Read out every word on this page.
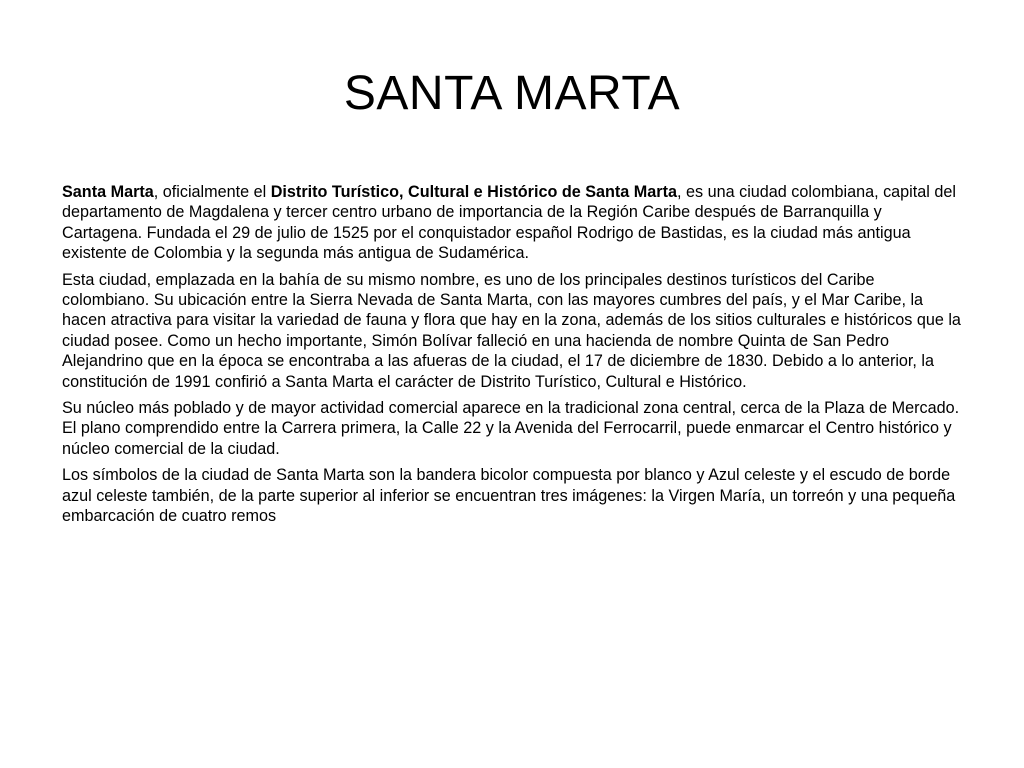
SANTA MARTA

Santa Marta, oficialmente el Distrito Turístico, Cultural e Histórico de Santa Marta, es una ciudad colombiana, capital del departamento de Magdalena y tercer centro urbano de importancia de la Región Caribe después de Barranquilla y Cartagena. Fundada el 29 de julio de 1525 por el conquistador español Rodrigo de Bastidas, es la ciudad más antigua existente de Colombia y la segunda más antigua de Sudamérica.

Esta ciudad, emplazada en la bahía de su mismo nombre, es uno de los principales destinos turísticos del Caribe colombiano. Su ubicación entre la Sierra Nevada de Santa Marta, con las mayores cumbres del país, y el Mar Caribe, la hacen atractiva para visitar la variedad de fauna y flora que hay en la zona, además de los sitios culturales e históricos que la ciudad posee. Como un hecho importante, Simón Bolívar falleció en una hacienda de nombre Quinta de San Pedro Alejandrino que en la época se encontraba a las afueras de la ciudad, el 17 de diciembre de 1830. Debido a lo anterior, la constitución de 1991 confirió a Santa Marta el carácter de Distrito Turístico, Cultural e Histórico.

Su núcleo más poblado y de mayor actividad comercial aparece en la tradicional zona central, cerca de la Plaza de Mercado. El plano comprendido entre la Carrera primera, la Calle 22 y la Avenida del Ferrocarril, puede enmarcar el Centro histórico y núcleo comercial de la ciudad.

Los símbolos de la ciudad de Santa Marta son la bandera bicolor compuesta por blanco y Azul celeste y el escudo de borde azul celeste también, de la parte superior al inferior se encuentran tres imágenes: la Virgen María, un torreón y una pequeña embarcación de cuatro remos
